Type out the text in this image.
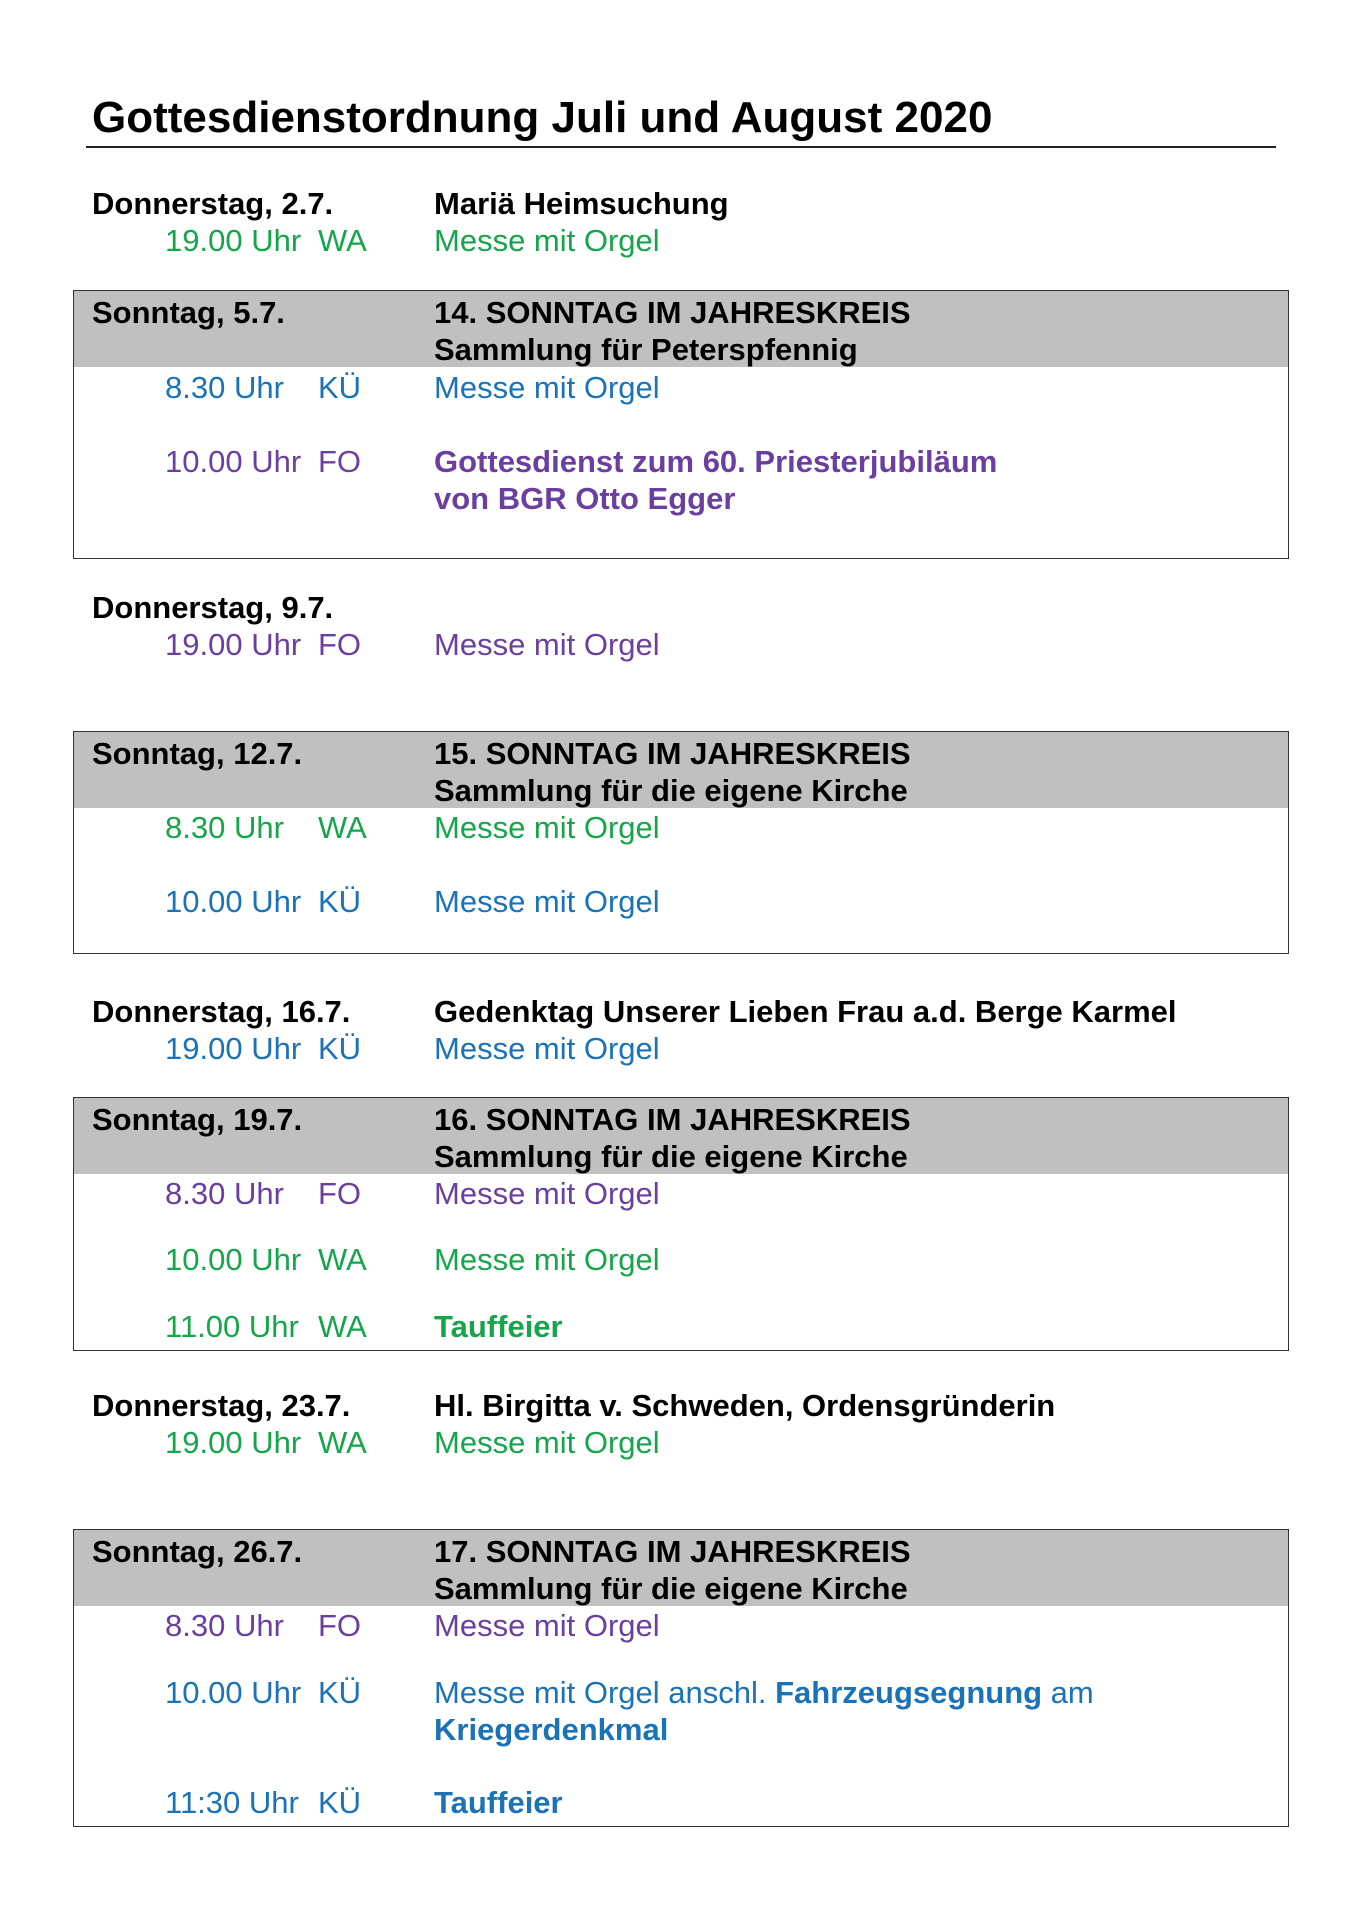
Gottesdienstordnung Juli und August 2020
Donnerstag, 2.7.	Mariä Heimsuchung
19.00 Uhr WA Messe mit Orgel
Sonntag, 5.7.	14. SONNTAG IM JAHRESKREIS
Sammlung für Peterspfennig
8.30 Uhr KÜ Messe mit Orgel
10.00 Uhr FO Gottesdienst zum 60. Priesterjubiläum
von BGR Otto Egger
Donnerstag, 9.7.
19.00 Uhr FO Messe mit Orgel
Sonntag, 12.7.	15. SONNTAG IM JAHRESKREIS
Sammlung für die eigene Kirche
8.30 Uhr WA Messe mit Orgel
10.00 Uhr KÜ Messe mit Orgel
Donnerstag, 16.7.	Gedenktag Unserer Lieben Frau a.d. Berge Karmel
19.00 Uhr KÜ Messe mit Orgel
Sonntag, 19.7.	16. SONNTAG IM JAHRESKREIS
Sammlung für die eigene Kirche
8.30 Uhr FO Messe mit Orgel
10.00 Uhr WA Messe mit Orgel
11.00 Uhr WA Tauffeier
Donnerstag, 23.7.	Hl. Birgitta v. Schweden, Ordensgründerin
19.00 Uhr WA Messe mit Orgel
Sonntag, 26.7.	17. SONNTAG IM JAHRESKREIS
Sammlung für die eigene Kirche
8.30 Uhr FO Messe mit Orgel
10.00 Uhr KÜ Messe mit Orgel anschl. Fahrzeugsegnung am
Kriegerdenkmal
11:30 Uhr KÜ Tauffeier
